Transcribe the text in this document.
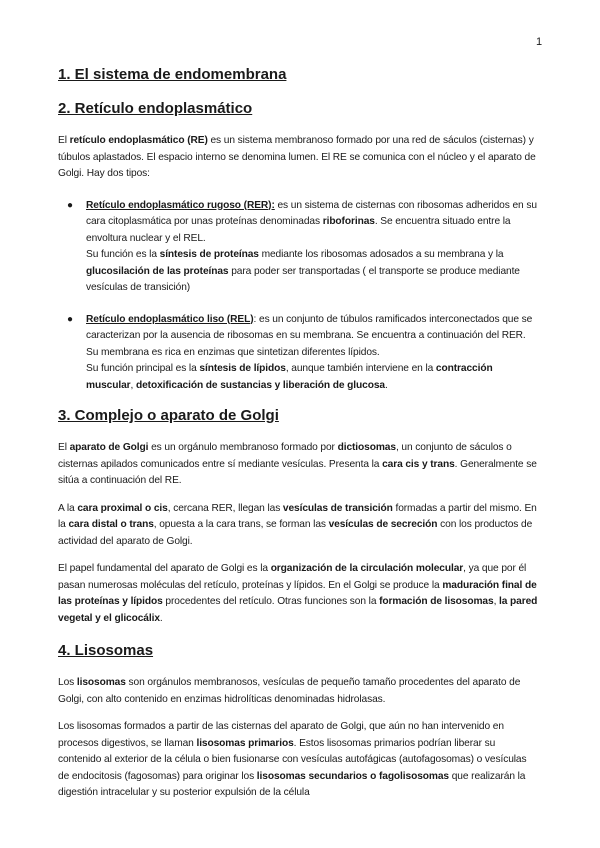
1
1. El sistema de endomembrana
2. Retículo endoplasmático

El retículo endoplasmático (RE) es un sistema membranoso formado por una red de sáculos (cisternas) y túbulos aplastados. El espacio interno se denomina lumen. El RE se comunica con el núcleo y el aparato de Golgi. Hay dos tipos:

● Retículo endoplasmático rugoso (RER): es un sistema de cisternas con ribosomas adheridos en su cara citoplasmática por unas proteínas denominadas riboforinas. Se encuentra situado entre la envoltura nuclear y el REL.

Su función es la síntesis de proteínas mediante los ribosomas adosados a su membrana y la glucosilación de las proteínas para poder ser transportadas ( el transporte se produce mediante vesículas de transición)

● Retículo endoplasmático liso (REL): es un conjunto de túbulos ramificados interconectados que se caracterizan por la ausencia de ribosomas en su membrana. Se encuentra a continuación del RER. Su membrana es rica en enzimas que sintetizan diferentes lípidos.

Su función principal es la síntesis de lípidos, aunque también interviene en la contracción muscular, detoxificación de sustancias y liberación de glucosa.

3. Complejo o aparato de Golgi

El aparato de Golgi es un orgánulo membranoso formado por dictiosomas, un conjunto de sáculos o cisternas apilados comunicados entre sí mediante vesículas. Presenta la cara cis y trans. Generalmente se sitúa a continuación del RE.

A la cara proximal o cis, cercana RER, llegan las vesículas de transición formadas a partir del mismo. En la cara distal o trans, opuesta a la cara trans, se forman las vesículas de secreción con los productos de actividad del aparato de Golgi.

El papel fundamental del aparato de Golgi es la organización de la circulación molecular, ya que por él pasan numerosas moléculas del retículo, proteínas y lípidos. En el Golgi se produce la maduración final de las proteínas y lípidos procedentes del retículo. Otras funciones son la formación de lisosomas, la pared vegetal y el glicocálix.

4. Lisosomas

Los lisosomas son orgánulos membranosos, vesículas de pequeño tamaño procedentes del aparato de Golgi, con alto contenido en enzimas hidrolíticas denominadas hidrolasas.

Los lisosomas formados a partir de las cisternas del aparato de Golgi, que aún no han intervenido en procesos digestivos, se llaman lisosomas primarios. Estos lisosomas primarios podrían liberar su contenido al exterior de la célula o bien fusionarse con vesículas autofágicas (autofagosomas) o vesículas de endocitosis (fagosomas) para originar los lisosomas secundarios o fagolisosomas que realizarán la digestión intracelular y su posterior expulsión de la célula
